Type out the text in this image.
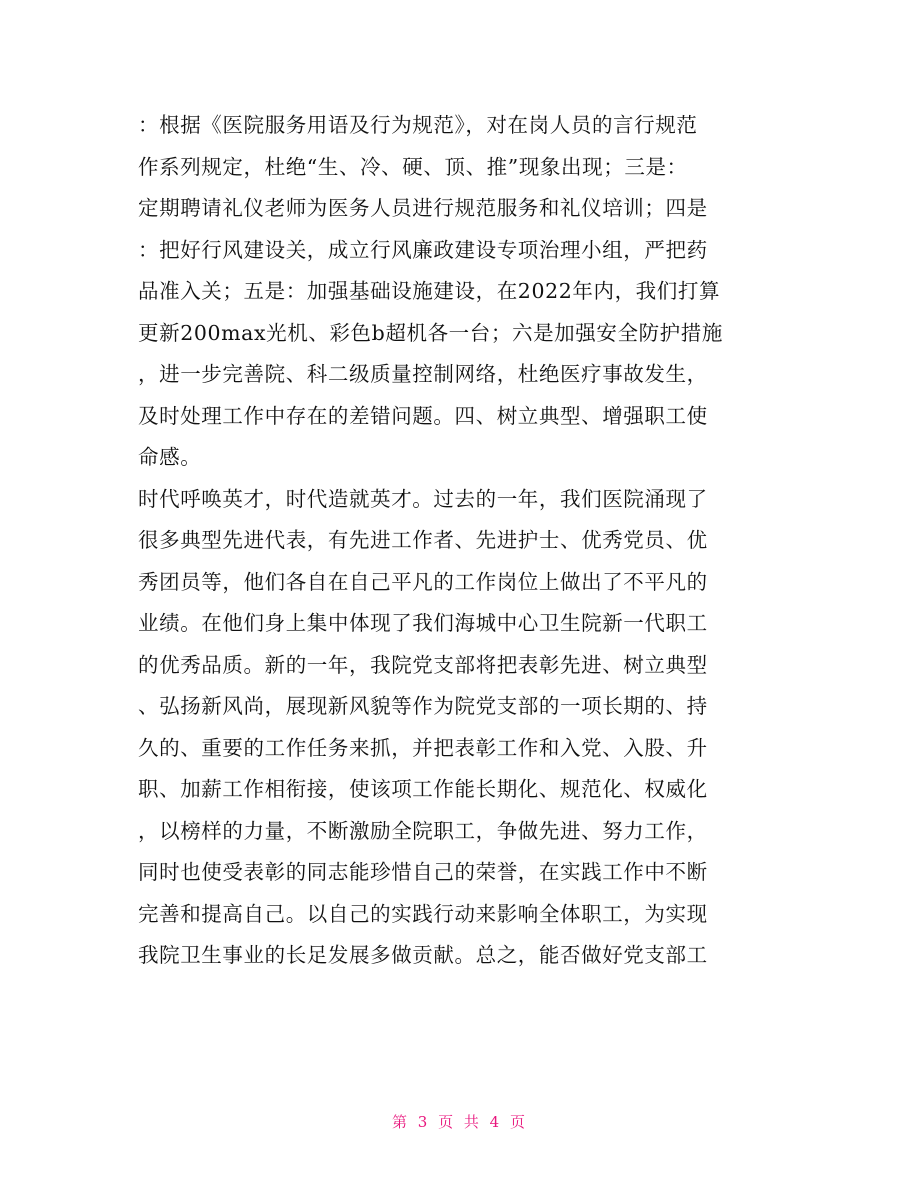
：根据《医院服务用语及行为规范》，对在岗人员的言行规范
作系列规定，杜绝“生、冷、硬、顶、推”现象出现；三是：
定期聘请礼仪老师为医务人员进行规范服务和礼仪培训；四是
：把好行风建设关，成立行风廉政建设专项治理小组，严把药
品准入关；五是：加强基础设施建设，在2022年内，我们打算
更新200max光机、彩色b超机各一台；六是加强安全防护措施
，进一步完善院、科二级质量控制网络，杜绝医疗事故发生，
及时处理工作中存在的差错问题。四、树立典型、增强职工使
命感。
时代呼唤英才，时代造就英才。过去的一年，我们医院涌现了
很多典型先进代表，有先进工作者、先进护士、优秀党员、优
秀团员等，他们各自在自己平凡的工作岗位上做出了不平凡的
业绩。在他们身上集中体现了我们海城中心卫生院新一代职工
的优秀品质。新的一年，我院党支部将把表彰先进、树立典型
、弘扬新风尚，展现新风貌等作为院党支部的一项长期的、持
久的、重要的工作任务来抓，并把表彰工作和入党、入股、升
职、加薪工作相衔接，使该项工作能长期化、规范化、权威化
，以榜样的力量，不断激励全院职工，争做先进、努力工作，
同时也使受表彰的同志能珍惜自己的荣誉，在实践工作中不断
完善和提高自己。以自己的实践行动来影响全体职工，为实现
我院卫生事业的长足发展多做贡献。总之，能否做好党支部工
第 3 页 共 4 页
